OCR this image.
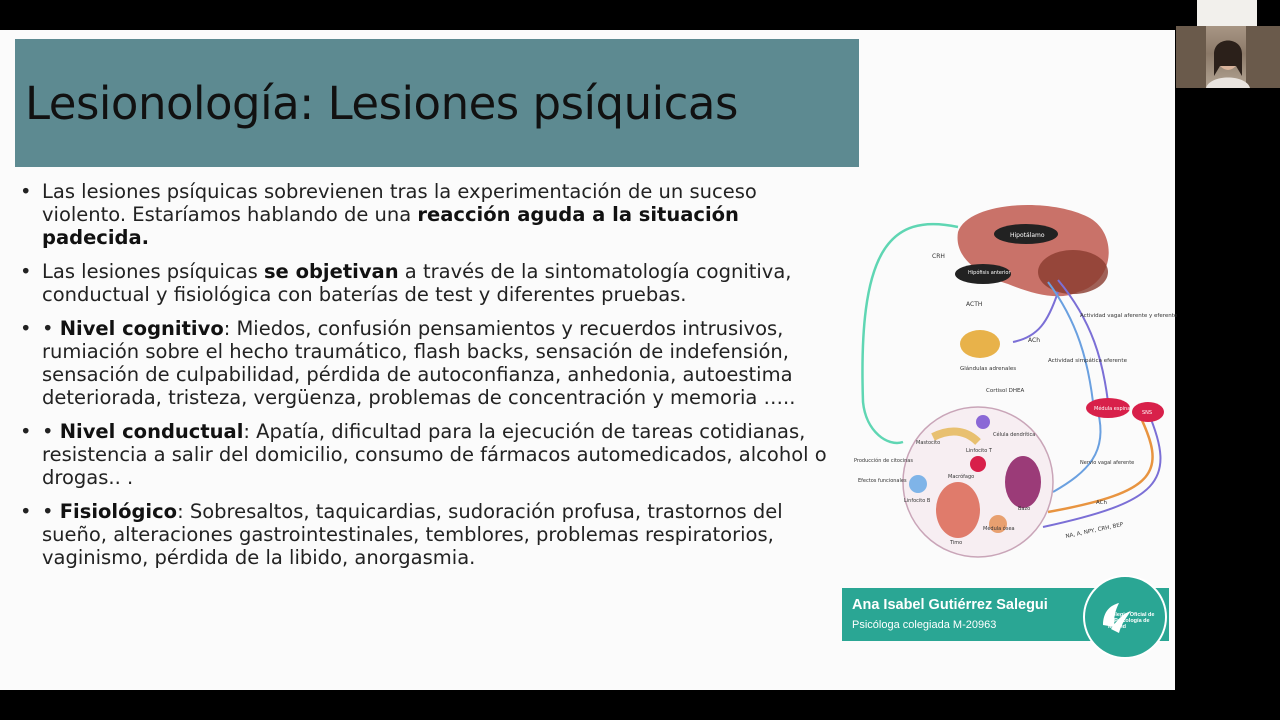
Lesionología: Lesiones psíquicas
• Las lesiones psíquicas sobrevienen tras la experimentación de un suceso violento. Estaríamos hablando de una reacción aguda a la situación padecida.
• Las lesiones psíquicas se objetivan a través de la sintomatología cognitiva, conductual y fisiológica con baterías de test y diferentes pruebas.
• • Nivel cognitivo: Miedos, confusión pensamientos y recuerdos intrusivos, rumiación sobre el hecho traumático, flash backs, sensación de indefensión, sensación de culpabilidad, pérdida de autoconfianza, anhedonia, autoestima deteriorada, tristeza, vergüenza, problemas de concentración y memoria …..
• • Nivel conductual: Apatía, dificultad para la ejecución de tareas cotidianas, resistencia a salir del domicilio, consumo de fármacos automedicados, alcohol o drogas.. .
• • Fisiológico: Sobresaltos, taquicardias, sudoración profusa, trastornos del sueño, alteraciones gastrointestinales, temblores, problemas respiratorios, vaginismo, pérdida de la libido, anorgasmia.
Hipotálamo
Hipófisis anterior
CRH
ACTH
Glándulas adrenales
Cortisol DHEA
ACh
Actividad vagal aferente y eferente
Actividad simpática eferente
Médula espinal
SNS
Producción de citocinas
Efectos funcionales
Nervio vagal aferente
ACh
NA, A, NPY, CRH, BEP
Bazo
Timo
Médula ósea
Linfocito T
Linfocito B
Mastocito
Célula dendrítica
Macrófago
Ana Isabel Gutiérrez Salegui
Psicóloga colegiada M-20963
Colegio Oficial de la Psicología de Madrid
